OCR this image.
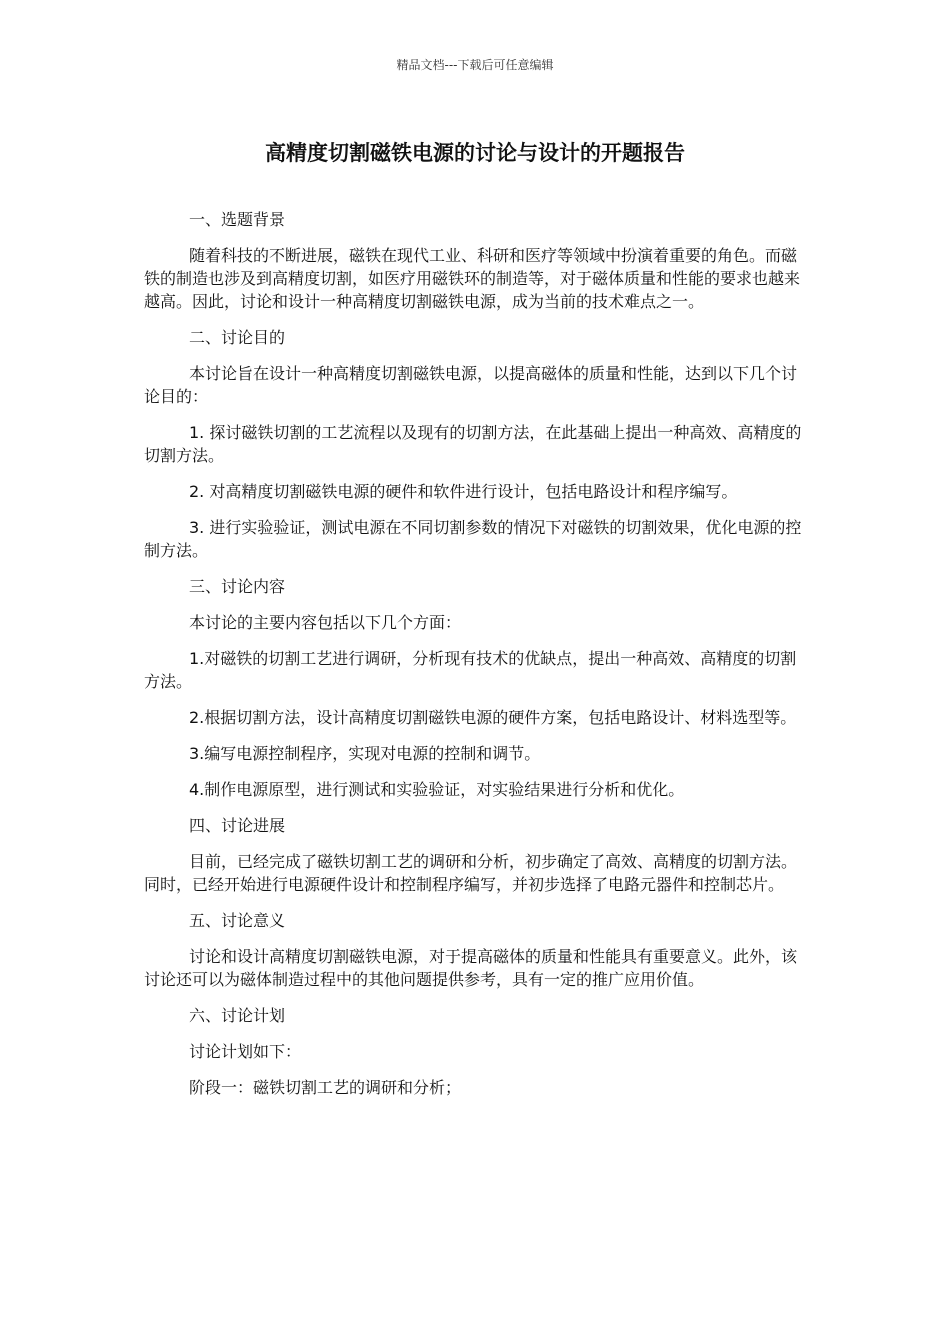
精品文档---下载后可任意编辑
高精度切割磁铁电源的讨论与设计的开题报告

一、选题背景

随着科技的不断进展，磁铁在现代工业、科研和医疗等领域中扮演着重要的角色。而磁铁的制造也涉及到高精度切割，如医疗用磁铁环的制造等，对于磁体质量和性能的要求也越来越高。因此，讨论和设计一种高精度切割磁铁电源，成为当前的技术难点之一。

二、讨论目的

本讨论旨在设计一种高精度切割磁铁电源，以提高磁体的质量和性能，达到以下几个讨论目的：

1. 探讨磁铁切割的工艺流程以及现有的切割方法，在此基础上提出一种高效、高精度的切割方法。

2. 对高精度切割磁铁电源的硬件和软件进行设计，包括电路设计和程序编写。

3. 进行实验验证，测试电源在不同切割参数的情况下对磁铁的切割效果，优化电源的控制方法。

三、讨论内容

本讨论的主要内容包括以下几个方面：

1.对磁铁的切割工艺进行调研，分析现有技术的优缺点，提出一种高效、高精度的切割方法。

2.根据切割方法，设计高精度切割磁铁电源的硬件方案，包括电路设计、材料选型等。

3.编写电源控制程序，实现对电源的控制和调节。

4.制作电源原型，进行测试和实验验证，对实验结果进行分析和优化。

四、讨论进展

目前，已经完成了磁铁切割工艺的调研和分析，初步确定了高效、高精度的切割方法。同时，已经开始进行电源硬件设计和控制程序编写，并初步选择了电路元器件和控制芯片。

五、讨论意义

讨论和设计高精度切割磁铁电源，对于提高磁体的质量和性能具有重要意义。此外，该讨论还可以为磁体制造过程中的其他问题提供参考，具有一定的推广应用价值。

六、讨论计划

讨论计划如下：

阶段一：磁铁切割工艺的调研和分析；
